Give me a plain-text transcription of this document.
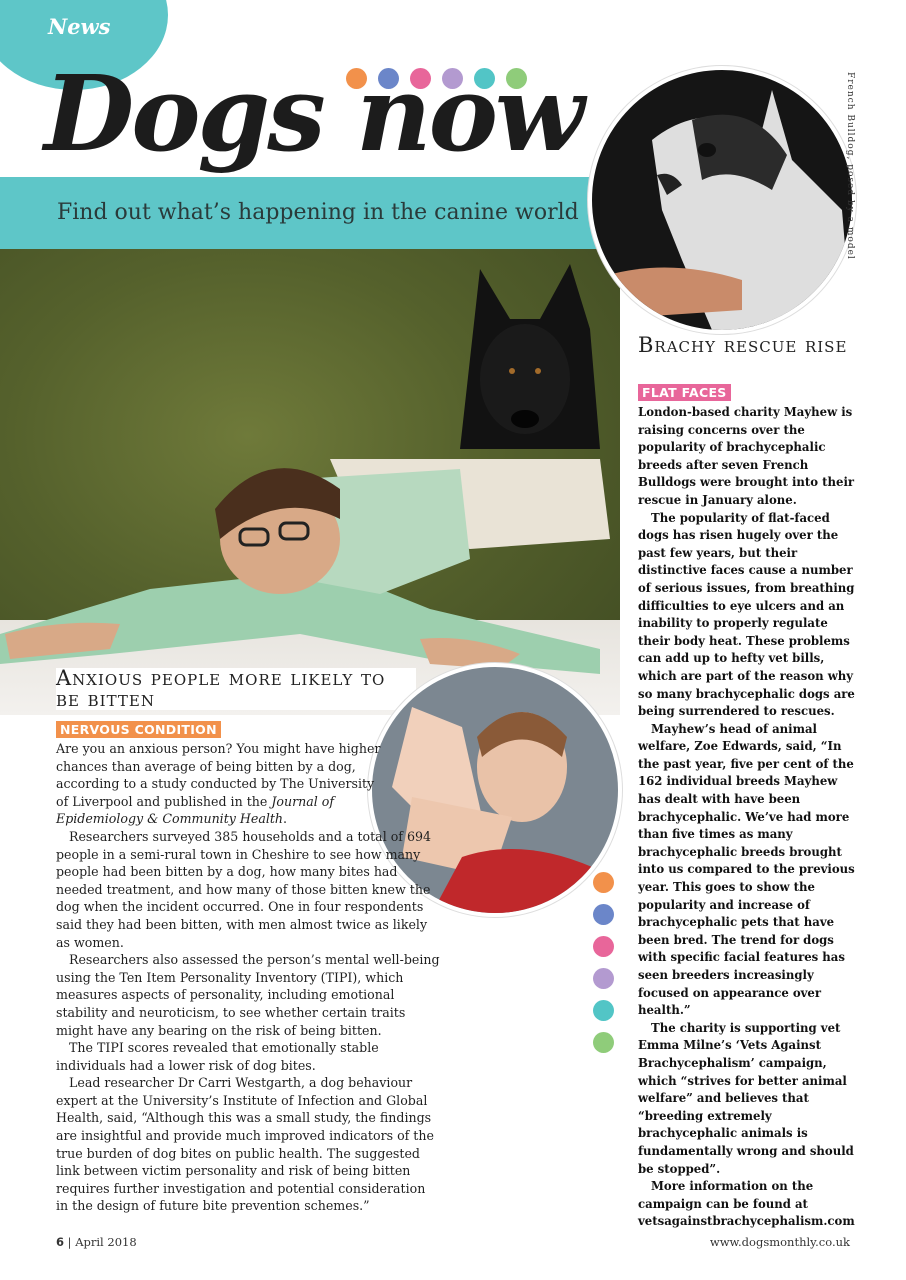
News
Find out what’s happening in the canine world
Dogs now	French Bulldog, posed by a model
Brachy rescue rise
FLAT FACES

London-based charity Mayhew is raising concerns over the popularity of brachycephalic breeds after seven French Bulldogs were brought into their rescue in January alone.

The popularity of flat-faced dogs has risen hugely over the past few years, but their distinctive faces cause a number of serious issues, from breathing difficulties to eye ulcers and an inability to properly regulate their body heat. These problems can add up to hefty vet bills, which are part of the reason why so many brachycephalic dogs are being surrendered to rescues.

Mayhew’s head of animal welfare, Zoe Edwards, said, “In the past year, five per cent of the 162 individual breeds Mayhew has dealt with have been brachycephalic. We’ve had more than five times as many brachycephalic breeds brought into us compared to the previous year. This goes to show the popularity and increase of brachycephalic pets that have been bred. The trend for dogs with specific facial features has seen breeders increasingly focused on appearance over health.”

The charity is supporting vet Emma Milne’s ‘Vets Against Brachycephalism’ campaign, which “strives for better animal welfare” and believes that “breeding extremely brachycephalic animals is fundamentally wrong and should be stopped”.

More information on the campaign can be found at vetsagainstbrachycephalism.com

Anxious people more likely to be bitten
NERVOUS CONDITION

Are you an anxious person? You might have higher chances than average of being bitten by a dog, according to a study conducted by The University of Liverpool and published in the Journal of Epidemiology & Community Health.

Researchers surveyed 385 households and a total of 694 people in a semi-rural town in Cheshire to see how many people had been bitten by a dog, how many bites had needed treatment, and how many of those bitten knew the dog when the incident occurred. One in four respondents said they had been bitten, with men almost twice as likely as women.

Researchers also assessed the person’s mental well-being using the Ten Item Personality Inventory (TIPI), which measures aspects of personality, including emotional stability and neuroticism, to see whether certain traits might have any bearing on the risk of being bitten.

The TIPI scores revealed that emotionally stable individuals had a lower risk of dog bites.

Lead researcher Dr Carri Westgarth, a dog behaviour expert at the University’s Institute of Infection and Global Health, said, “Although this was a small study, the findings are insightful and provide much improved indicators of the true burden of dog bites on public health. The suggested link between victim personality and risk of being bitten requires further investigation and potential consideration in the design of future bite prevention schemes.”

6 | April 2018	www.dogsmonthly.co.uk
